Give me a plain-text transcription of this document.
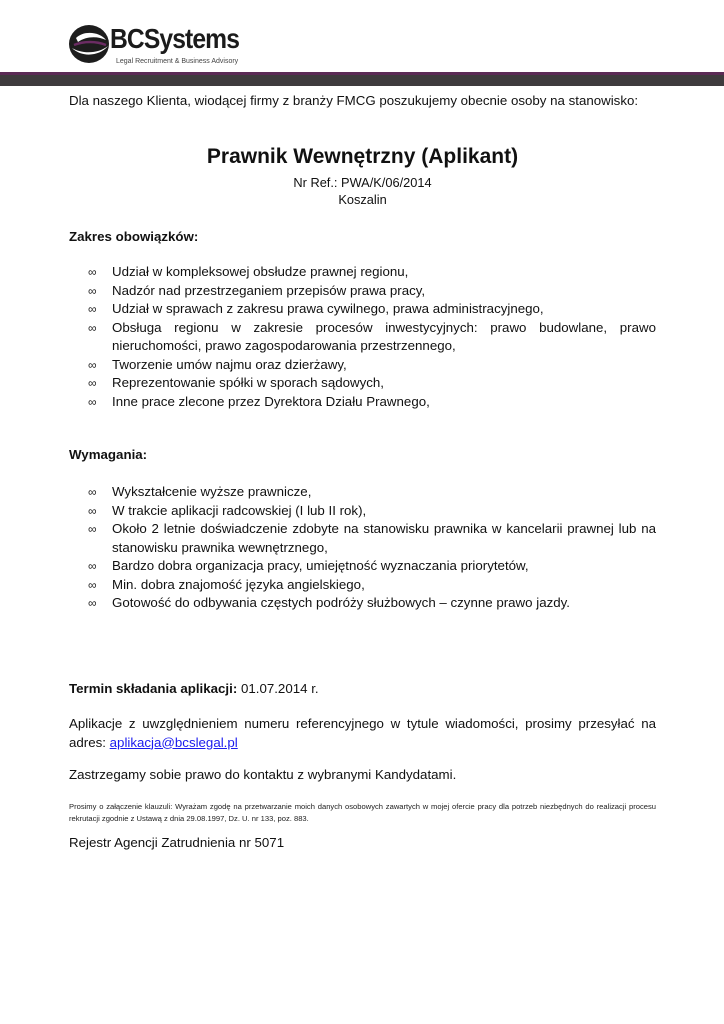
BCSystems
Legal Recruitment & Business Advisory

Dla naszego Klienta, wiodącej firmy z branży FMCG poszukujemy obecnie osoby na stanowisko:

Prawnik Wewnętrzny (Aplikant)
Nr Ref.: PWA/K/06/2014
Koszalin
Zakres obowiązków:
∞ Udział w kompleksowej obsłudze prawnej regionu,
∞ Nadzór nad przestrzeganiem przepisów prawa pracy,
∞ Udział w sprawach z zakresu prawa cywilnego, prawa administracyjnego,
∞ Obsługa regionu w zakresie procesów inwestycyjnych: prawo budowlane, prawo nieruchomości, prawo zagospodarowania przestrzennego,
∞ Tworzenie umów najmu oraz dzierżawy,
∞ Reprezentowanie spółki w sporach sądowych,
∞ Inne prace zlecone przez Dyrektora Działu Prawnego,
Wymagania:
∞ Wykształcenie wyższe prawnicze,
∞ W trakcie aplikacji radcowskiej (I lub II rok),
∞ Około 2 letnie doświadczenie zdobyte na stanowisku prawnika w kancelarii prawnej lub na stanowisku prawnika wewnętrznego,
∞ Bardzo dobra organizacja pracy, umiejętność wyznaczania priorytetów,
∞ Min. dobra znajomość języka angielskiego,
∞ Gotowość do odbywania częstych podróży służbowych – czynne prawo jazdy.
Termin składania aplikacji: 01.07.2014 r.
Aplikacje z uwzględnieniem numeru referencyjnego w tytule wiadomości, prosimy przesyłać na adres: aplikacja@bcslegal.pl
Zastrzegamy sobie prawo do kontaktu z wybranymi Kandydatami.
Prosimy o załączenie klauzuli: Wyrażam zgodę na przetwarzanie moich danych osobowych zawartych w mojej ofercie pracy dla potrzeb niezbędnych do realizacji procesu rekrutacji zgodnie z Ustawą z dnia 29.08.1997, Dz. U. nr 133, poz. 883.
Rejestr Agencji Zatrudnienia nr 5071
